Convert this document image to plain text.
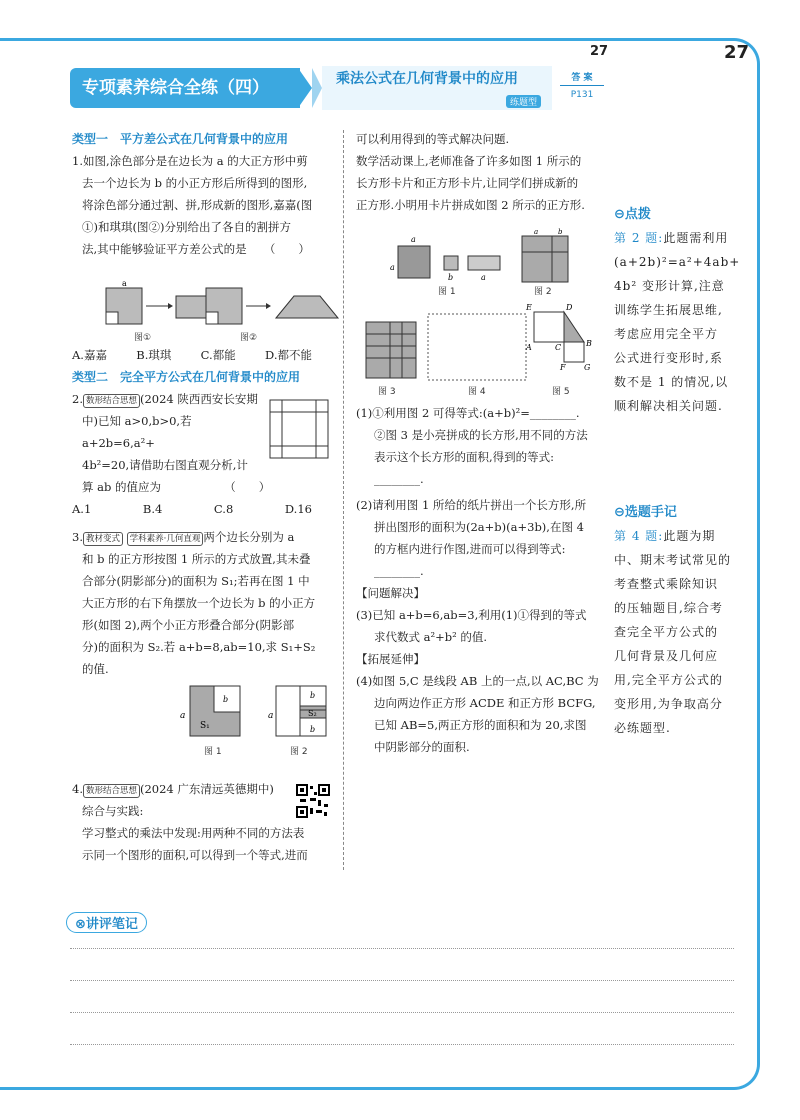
27	27
专项素养综合全练（四）	乘法公式在几何背景中的应用
练题型
答 案
P131

类型一　平方差公式在几何背景中的应用

1.如图,涂色部分是在边长为 a 的大正方形中剪

去一个边长为 b 的小正方形后所得到的图形,

将涂色部分通过割、拼,形成新的图形,嘉嘉(图

①)和琪琪(图②)分别给出了各自的割拼方

法,其中能够验证平方差公式的是　　（　　）

a
图①	图②
A.嘉嘉	B.琪琪	C.都能	D.都不能

类型二　完全平方公式在几何背景中的应用

2. 数形结合思想 (2024 陕西西安长安期

中)已知 a>0,b>0,若 a+2b=6,a²+

4b²=20,请借助右图直观分析,计

算 ab 的值应为　　　　　　（　　）

A.1	B.4	C.8	D.16

3. 教材变式 学科素养·几何直观 两个边长分别为 a

和 b 的正方形按图 1 所示的方式放置,其未叠

合部分(阴影部分)的面积为 S₁;若再在图 1 中

大正方形的右下角摆放一个边长为 b 的小正方

形(如图 2),两个小正方形叠合部分(阴影部

分)的面积为 S₂.若 a+b=8,ab=10,求 S₁+S₂

的值.

a
b
S₁
图 1
a
b
S₂
b
图 2

4. 数形结合思想 (2024 广东清远英德期中)

综合与实践:

学习整式的乘法中发现:用两种不同的方法表

示同一个图形的面积,可以得到一个等式,进而

可以利用得到的等式解决问题.

数学活动课上,老师准备了许多如图 1 所示的

长方形卡片和正方形卡片,让同学们拼成新的

正方形.小明用卡片拼成如图 2 所示的正方形.

a
a
b	a
图 1
a	b
图 2
图 3	图 4
E	D
A	C	B
F G
图 5

(1)①利用图 2 可得等式:(a+b)²=________.

②图 3 是小亮拼成的长方形,用不同的方法

表示这个长方形的面积,得到的等式:

________.

(2)请利用图 1 所给的纸片拼出一个长方形,所

拼出图形的面积为(2a+b)(a+3b),在图 4

的方框内进行作图,进而可以得到等式:

________.

【问题解决】

(3)已知 a+b=6,ab=3,利用(1)①得到的等式

求代数式 a²+b² 的值.

【拓展延伸】

(4)如图 5,C 是线段 AB 上的一点,以 AC,BC 为

边向两边作正方形 ACDE 和正方形 BCFG,

已知 AB=5,两正方形的面积和为 20,求图

中阴影部分的面积.

⊖点拨

第 2 题:此题需利用

(a+2b)²=a²+4ab+

4b² 变形计算,注意

训练学生拓展思维,

考虑应用完全平方

公式进行变形时,系

数不是 1 的情况,以

顺利解决相关问题.

⊖选题手记

第 4 题:此题为期

中、期末考试常见的

考查整式乘除知识

的压轴题目,综合考

查完全平方公式的

几何背景及几何应

用,完全平方公式的

变形用,为争取高分

必练题型.

⊗讲评笔记
